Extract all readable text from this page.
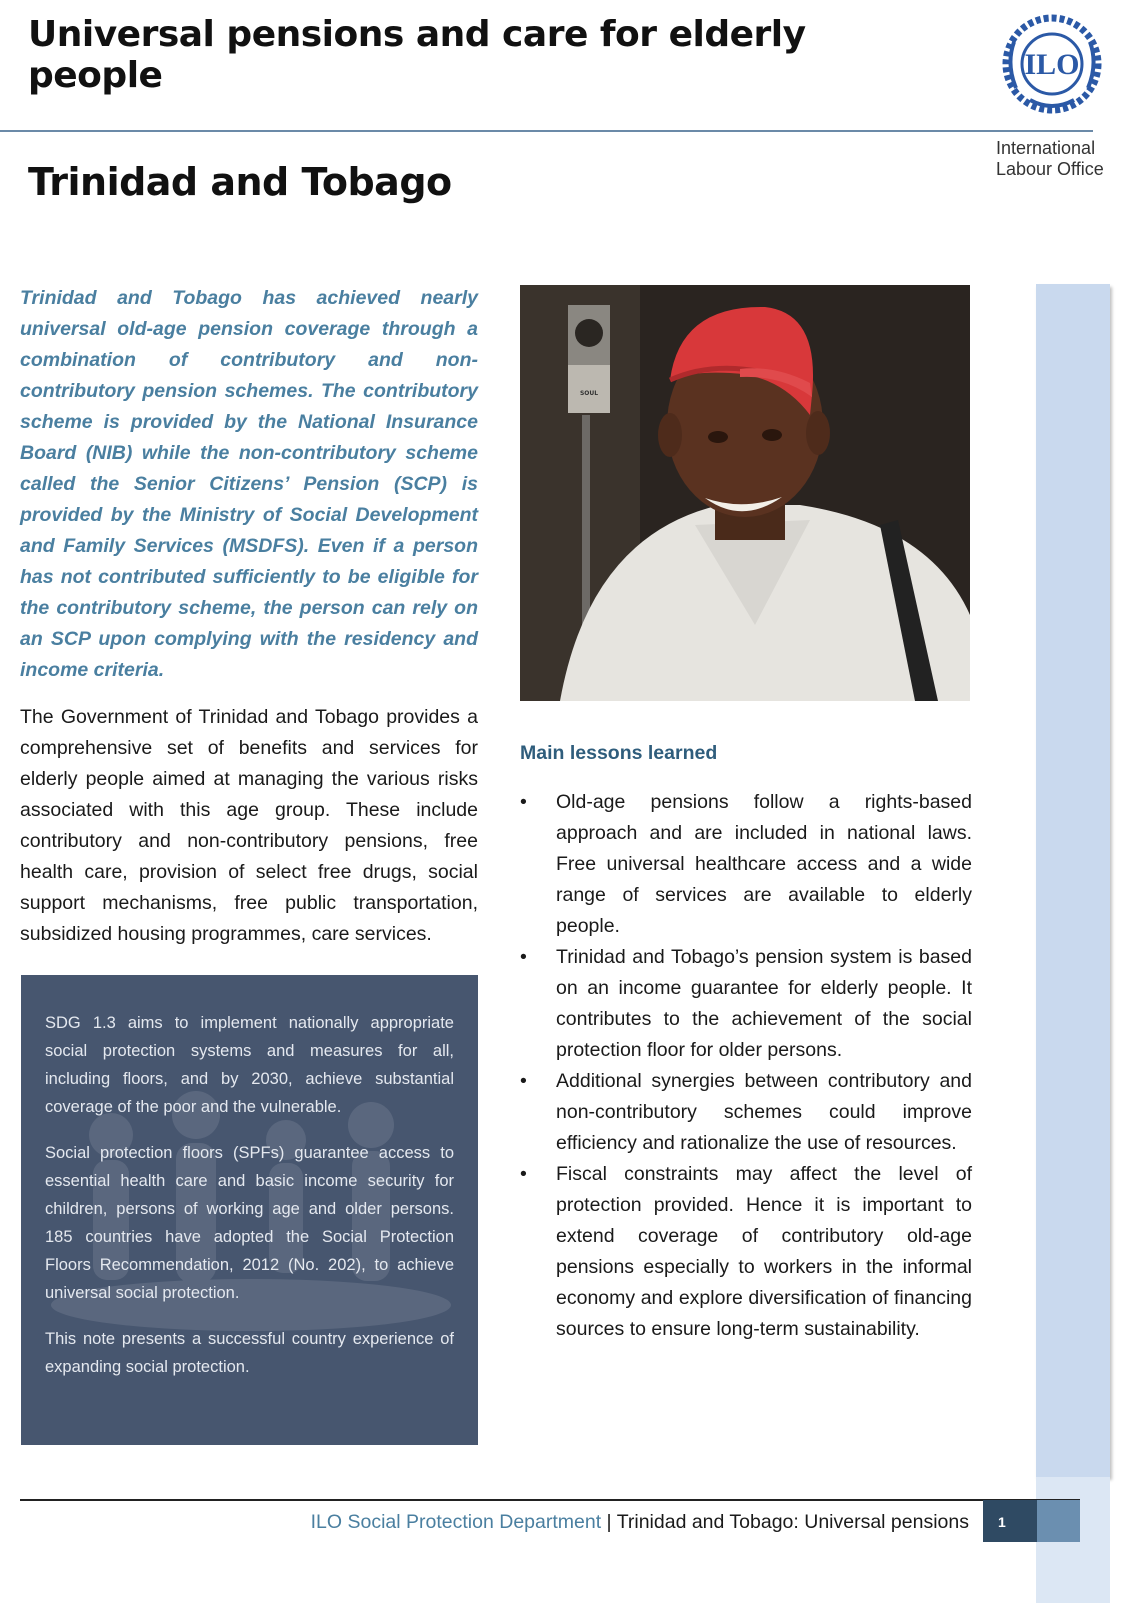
Universal pensions and care for elderly people	ILO
International Labour Office
Trinidad and Tobago

Trinidad and Tobago has achieved nearly universal old-age pension coverage through a combination of contributory and non-contributory pension schemes. The contributory scheme is provided by the National Insurance Board (NIB) while the non-contributory scheme called the Senior Citizens’ Pension (SCP) is provided by the Ministry of Social Development and Family Services (MSDFS). Even if a person has not contributed sufficiently to be eligible for the contributory scheme, the person can rely on an SCP upon complying with the residency and income criteria.

The Government of Trinidad and Tobago provides a comprehensive set of benefits and services for elderly people aimed at managing the various risks associated with this age group. These include contributory and non-contributory pensions, free health care, provision of select free drugs, social support mechanisms, free public transportation, subsidized housing programmes, care services.

SDG 1.3 aims to implement nationally appropriate social protection systems and measures for all, including floors, and by 2030, achieve substantial coverage of the poor and the vulnerable.

Social protection floors (SPFs) guarantee access to essential health care and basic income security for children, persons of working age and older persons. 185 countries have adopted the Social Protection Floors Recommendation, 2012 (No. 202), to achieve universal social protection.

This note presents a successful country experience of expanding social protection.

SOUL
Main lessons learned
•	Old-age pensions follow a rights-based approach and are included in national laws. Free universal healthcare access and a wide range of services are available to elderly people.
•	Trinidad and Tobago’s pension system is based on an income guarantee for elderly people. It contributes to the achievement of the social protection floor for older persons.
•	Additional synergies between contributory and non-contributory schemes could improve efficiency and rationalize the use of resources.
•	Fiscal constraints may affect the level of protection provided. Hence it is important to extend coverage of contributory old-age pensions especially to workers in the informal economy and explore diversification of financing sources to ensure long-term sustainability.
ILO Social Protection Department | Trinidad and Tobago: Universal pensions	1
